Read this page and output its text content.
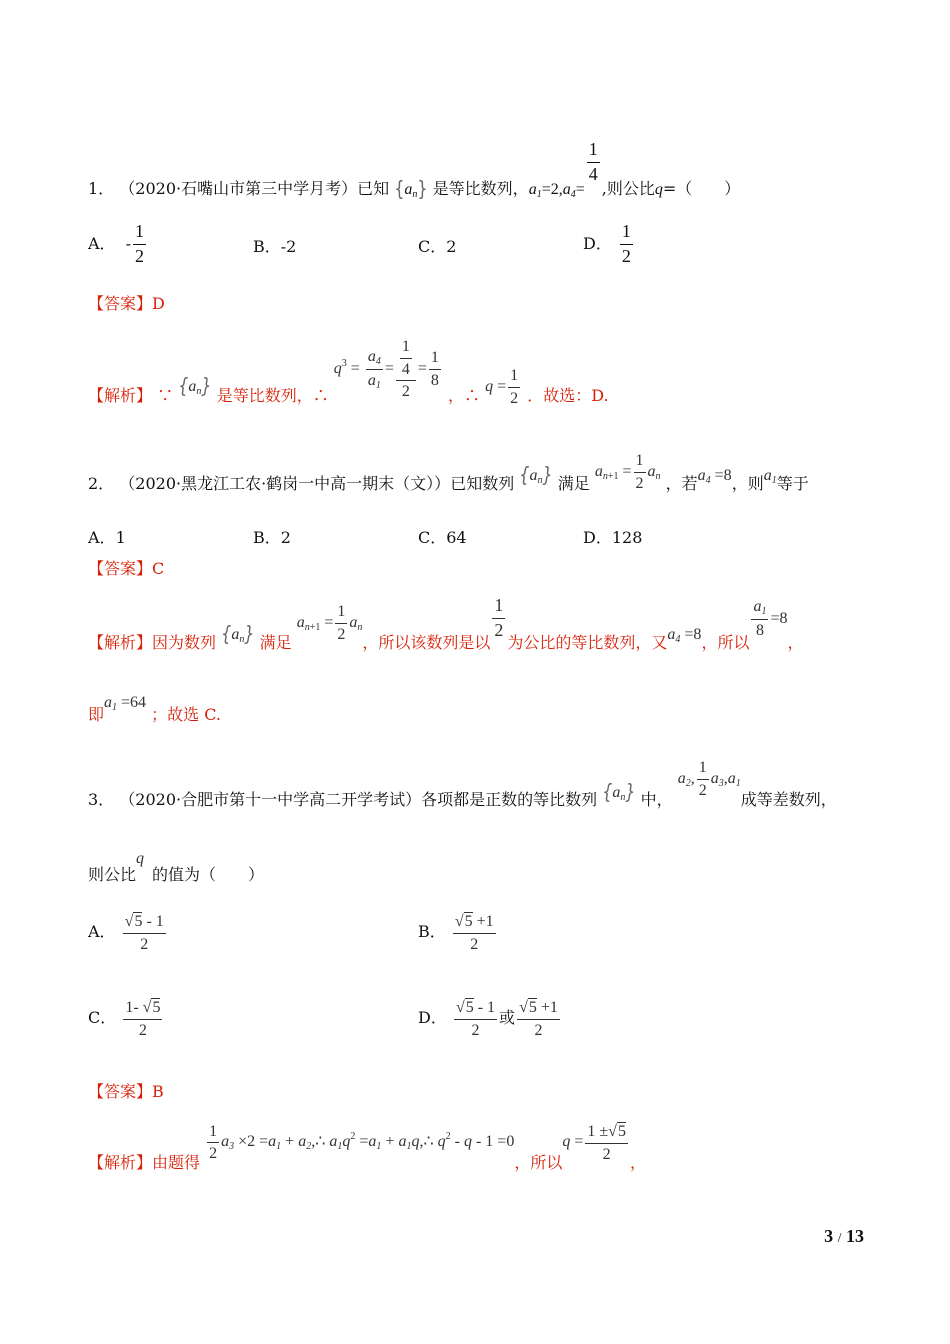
1． （2020·石嘴山市第三中学月考）已知 $\{a_n\}$ 是等比数列，$a_1=2,a_4=$
$\frac{1}{4}$
,则公比q=（　　）
A． - $\frac{1}{2}$	B．-2	C．2	D． $\frac{1}{2}$
【答案】D
【解析】 ∵ $\{a_n\}$ 是等比数列，∴ $q^3 = \frac{a_4}{a_1} = \frac{\frac{1}{4}}{2} = \frac{1}{8}$
，∴ $q = \frac{1}{2}$ ．故选：D.
2． （2020·黑龙江工农·鹤岗一中高一期末（文））已知数列 $\{a_n\}$ 满足 $a_{n+1} = \frac{1}{2} a_n$ ，若$a_4 =8$，则$a_1$等于
A．1	B．2	C．64	D．128
【答案】C
【解析】因为数列 $\{a_n\}$ 满足 $a_{n+1} = \frac{1}{2} a_n$，所以该数列是以
$\frac{1}{2}$
为公比的等比数列，又$a_4 =8$，所以
$\frac{a_1}{8} =8$，
即$a_1 =64$ ；故选 C.
3． （2020·合肥市第十一中学高二开学考试）各项都是正数的等比数列 $\{a_n\}$ 中， $a_2$, $\frac{1}{2} a_3,a_1$成等差数列，
则公比q的值为（　　）
A． $\frac{√5 - 1}{2}$	B． $\frac{√5 +1}{2}$
C． $\frac{1- √5}{2}$	D． $\frac{√5 - 1}{2}$ 或 $\frac{√5 +1}{2}$
【答案】B
【解析】由题得
$\frac{1}{2} a_3 \times 2 =a_1$ + $a_2,\therefore$ $a_1q^2 =a_1$ + $a_1q,\therefore$ $q^2 - q - 1 =0$，所以$q = \frac{1 \pm√5}{2}$ ，
3 / 13
